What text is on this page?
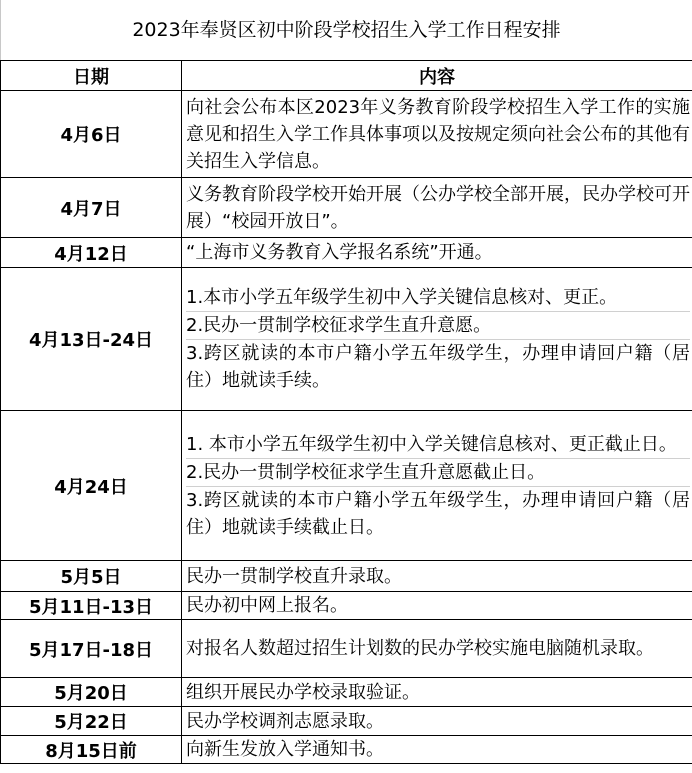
2023年奉贤区初中阶段学校招生入学工作日程安排
日期	内容
4月6日	向社会公布本区2023年义务教育阶段学校招生入学工作的实施意见和招生入学工作具体事项以及按规定须向社会公布的其他有关招生入学信息。

4月7日	义务教育阶段学校开始开展（公办学校全部开展，民办学校可开展）“校园开放日”。

4月12日	“上海市义务教育入学报名系统”开通。

4月13日-24日	1.本市小学五年级学生初中入学关键信息核对、更正。
2.民办一贯制学校征求学生直升意愿。
3.跨区就读的本市户籍小学五年级学生，办理申请回户籍（居住）地就读手续。

4月24日	1. 本市小学五年级学生初中入学关键信息核对、更正截止日。
2.民办一贯制学校征求学生直升意愿截止日。
3.跨区就读的本市户籍小学五年级学生，办理申请回户籍（居住）地就读手续截止日。

5月5日	民办一贯制学校直升录取。

5月11日-13日	民办初中网上报名。

5月17日-18日	对报名人数超过招生计划数的民办学校实施电脑随机录取。

5月20日	组织开展民办学校录取验证。

5月22日	民办学校调剂志愿录取。

8月15日前	向新生发放入学通知书。
